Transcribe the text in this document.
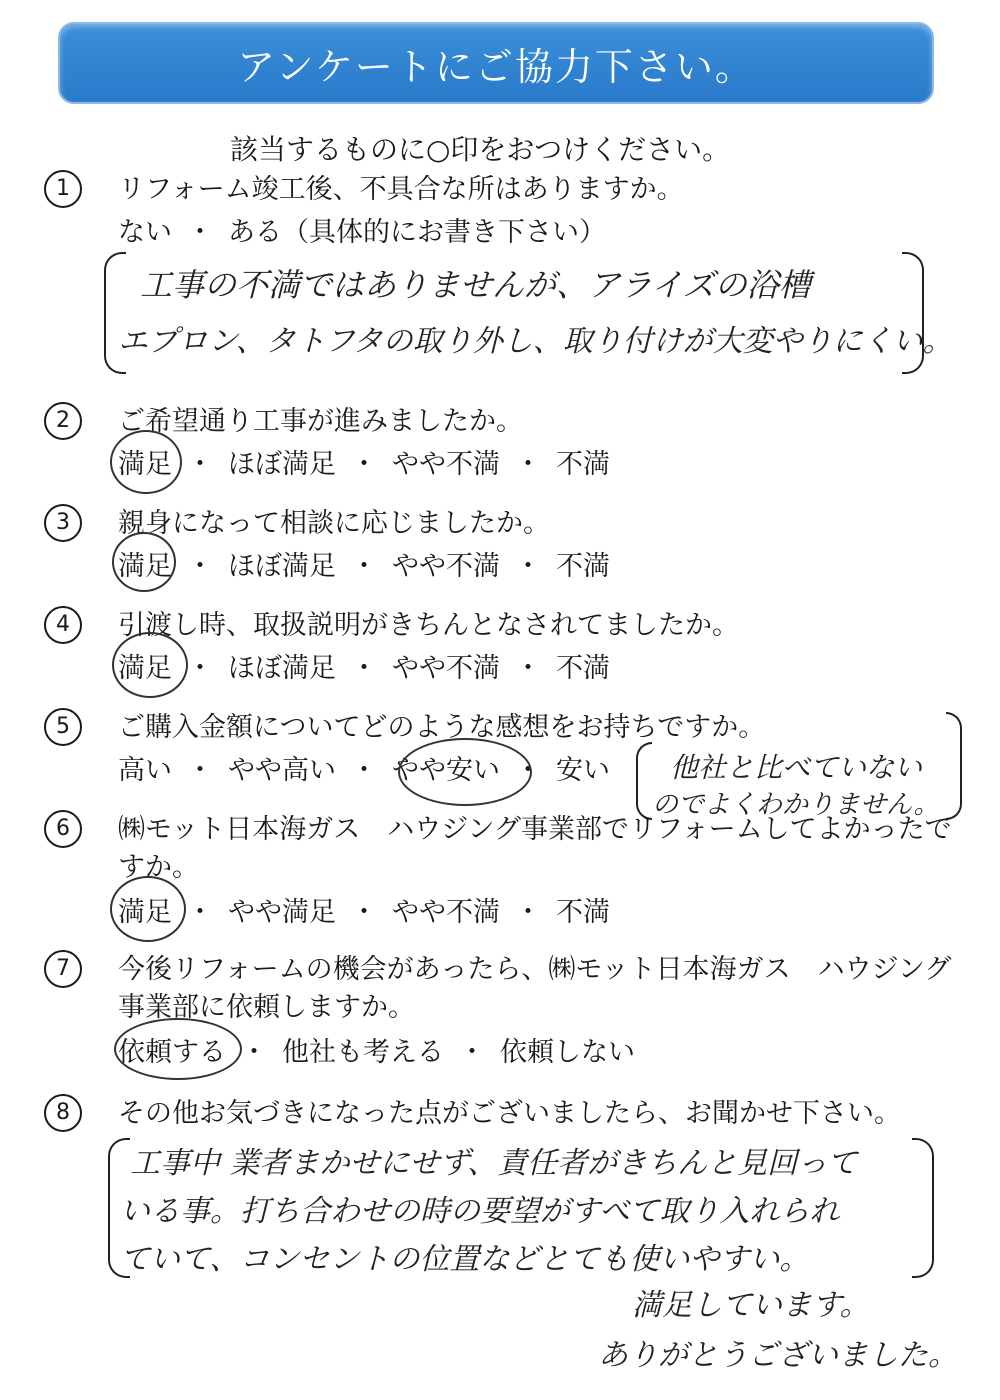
アンケートにご協力下さい。
該当するものに○印をおつけください。
1	リフォーム竣工後、不具合な所はありますか。
ない ・ ある（具体的にお書き下さい）
工事の不満ではありませんが、アライズの浴槽
エプロン、タトフタの取り外し、取り付けが大変やりにくい。
2	ご希望通り工事が進みましたか。
満足 ・ ほぼ満足 ・ やや不満 ・ 不満
3	親身になって相談に応じましたか。
満足 ・ ほぼ満足 ・ やや不満 ・ 不満
4	引渡し時、取扱説明がきちんとなされてましたか。
満足 ・ ほぼ満足 ・ やや不満 ・ 不満
5	ご購入金額についてどのような感想をお持ちですか。
高い ・ やや高い ・ やや安い ・ 安い 他社と比べていない
のでよくわかりません。
6	㈱モット日本海ガス　ハウジング事業部でリフォームしてよかったで
すか。
満足 ・ やや満足 ・ やや不満 ・ 不満
7	今後リフォームの機会があったら、㈱モット日本海ガス　ハウジング
事業部に依頼しますか。
依頼する ・ 他社も考える ・ 依頼しない
8	その他お気づきになった点がございましたら、お聞かせ下さい。
工事中 業者まかせにせず、責任者がきちんと見回って
いる事。打ち合わせの時の要望がすべて取り入れられ
ていて、コンセントの位置などとても使いやすい。
満足しています。
ありがとうございました。
